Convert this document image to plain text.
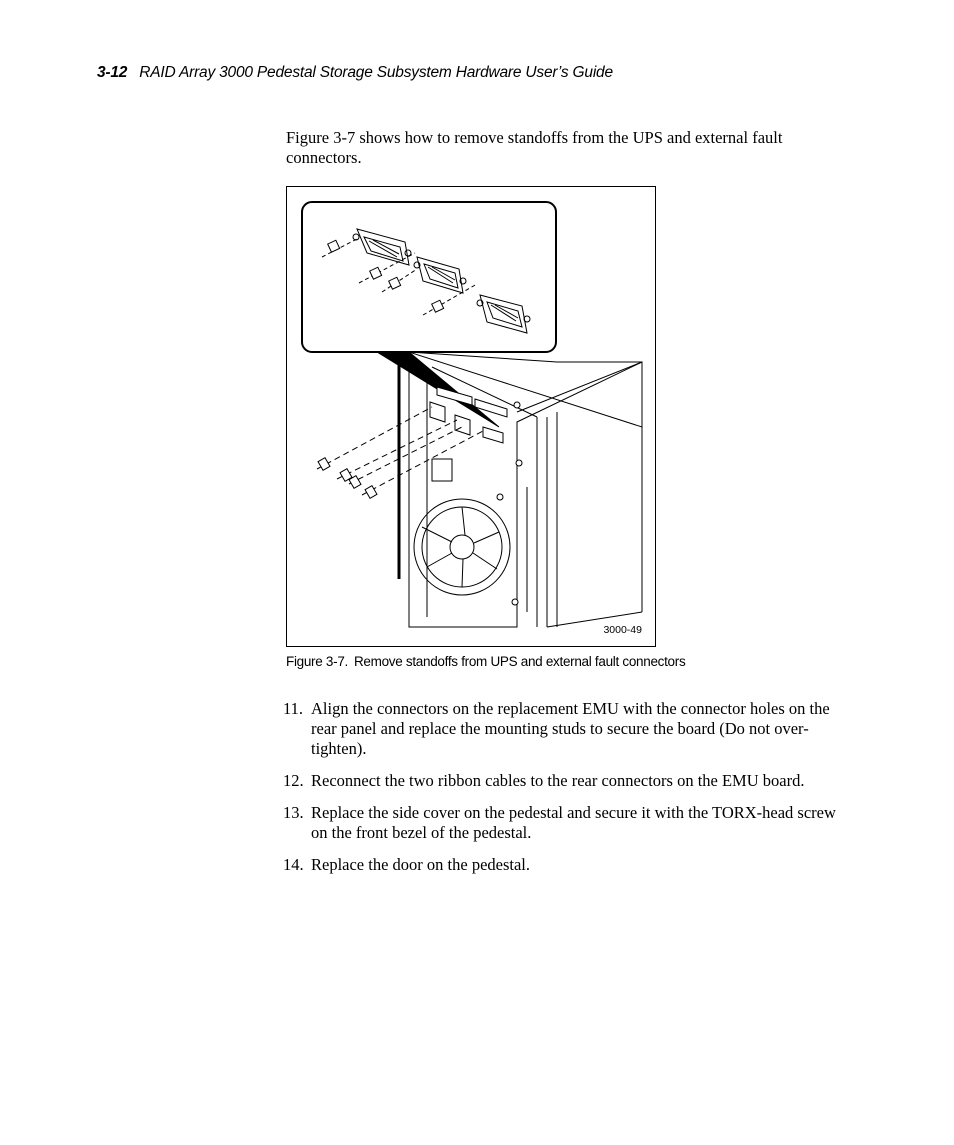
3-12 RAID Array 3000 Pedestal Storage Subsystem Hardware User’s Guide
Figure 3-7 shows how to remove standoffs from the UPS and external fault connectors.
3000-49
Figure 3-7. Remove standoffs from UPS and external fault connectors
11. Align the connectors on the replacement EMU with the connector holes on the rear panel and replace the mounting studs to secure the board (Do not over-tighten).
12. Reconnect the two ribbon cables to the rear connectors on the EMU board.
13. Replace the side cover on the pedestal and secure it with the TORX-head screw on the front bezel of the pedestal.
14. Replace the door on the pedestal.
